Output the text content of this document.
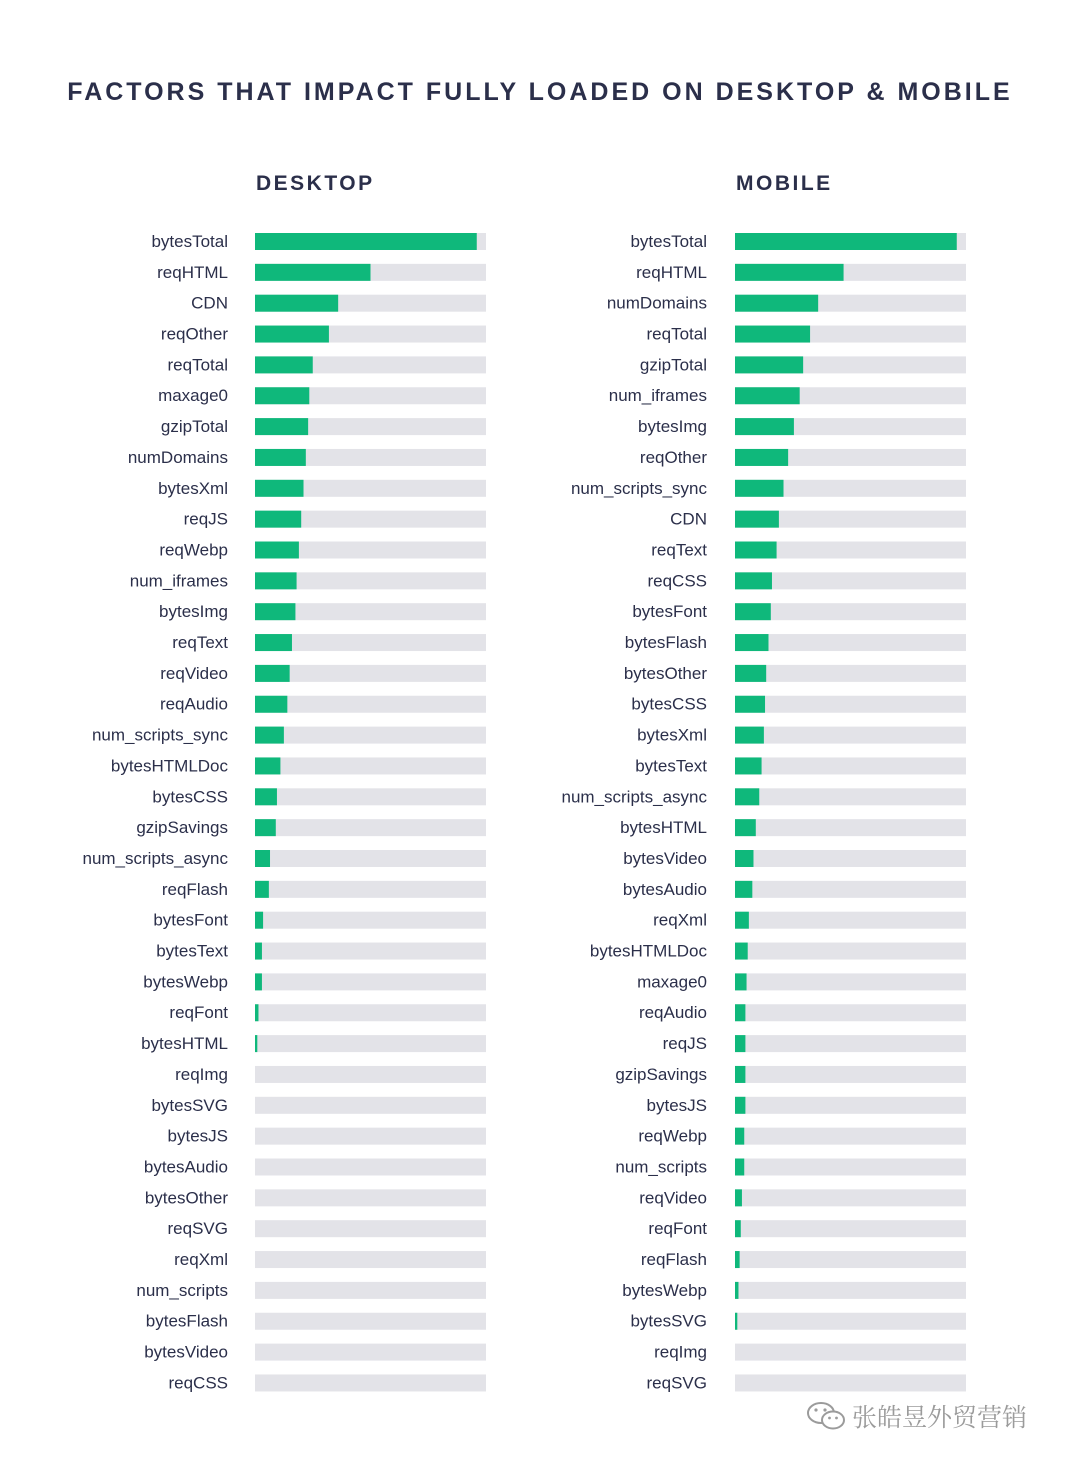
FACTORS THAT IMPACT FULLY LOADED ON DESKTOP & MOBILE
DESKTOP	MOBILE
bytesTotal
reqHTML
CDN
reqOther
reqTotal
maxage0
gzipTotal
numDomains
bytesXml
reqJS
reqWebp
num_iframes
bytesImg
reqText
reqVideo
reqAudio
num_scripts_sync
bytesHTMLDoc
bytesCSS
gzipSavings
num_scripts_async
reqFlash
bytesFont
bytesText
bytesWebp
reqFont
bytesHTML
reqImg
bytesSVG
bytesJS
bytesAudio
bytesOther
reqSVG
reqXml
num_scripts
bytesFlash
bytesVideo
reqCSS
bytesTotal
reqHTML
numDomains
reqTotal
gzipTotal
num_iframes
bytesImg
reqOther
num_scripts_sync
CDN
reqText
reqCSS
bytesFont
bytesFlash
bytesOther
bytesCSS
bytesXml
bytesText
num_scripts_async
bytesHTML
bytesVideo
bytesAudio
reqXml
bytesHTMLDoc
maxage0
reqAudio
reqJS
gzipSavings
bytesJS
reqWebp
num_scripts
reqVideo
reqFont
reqFlash
bytesWebp
bytesSVG
reqImg
reqSVG
张皓昱外贸营销
